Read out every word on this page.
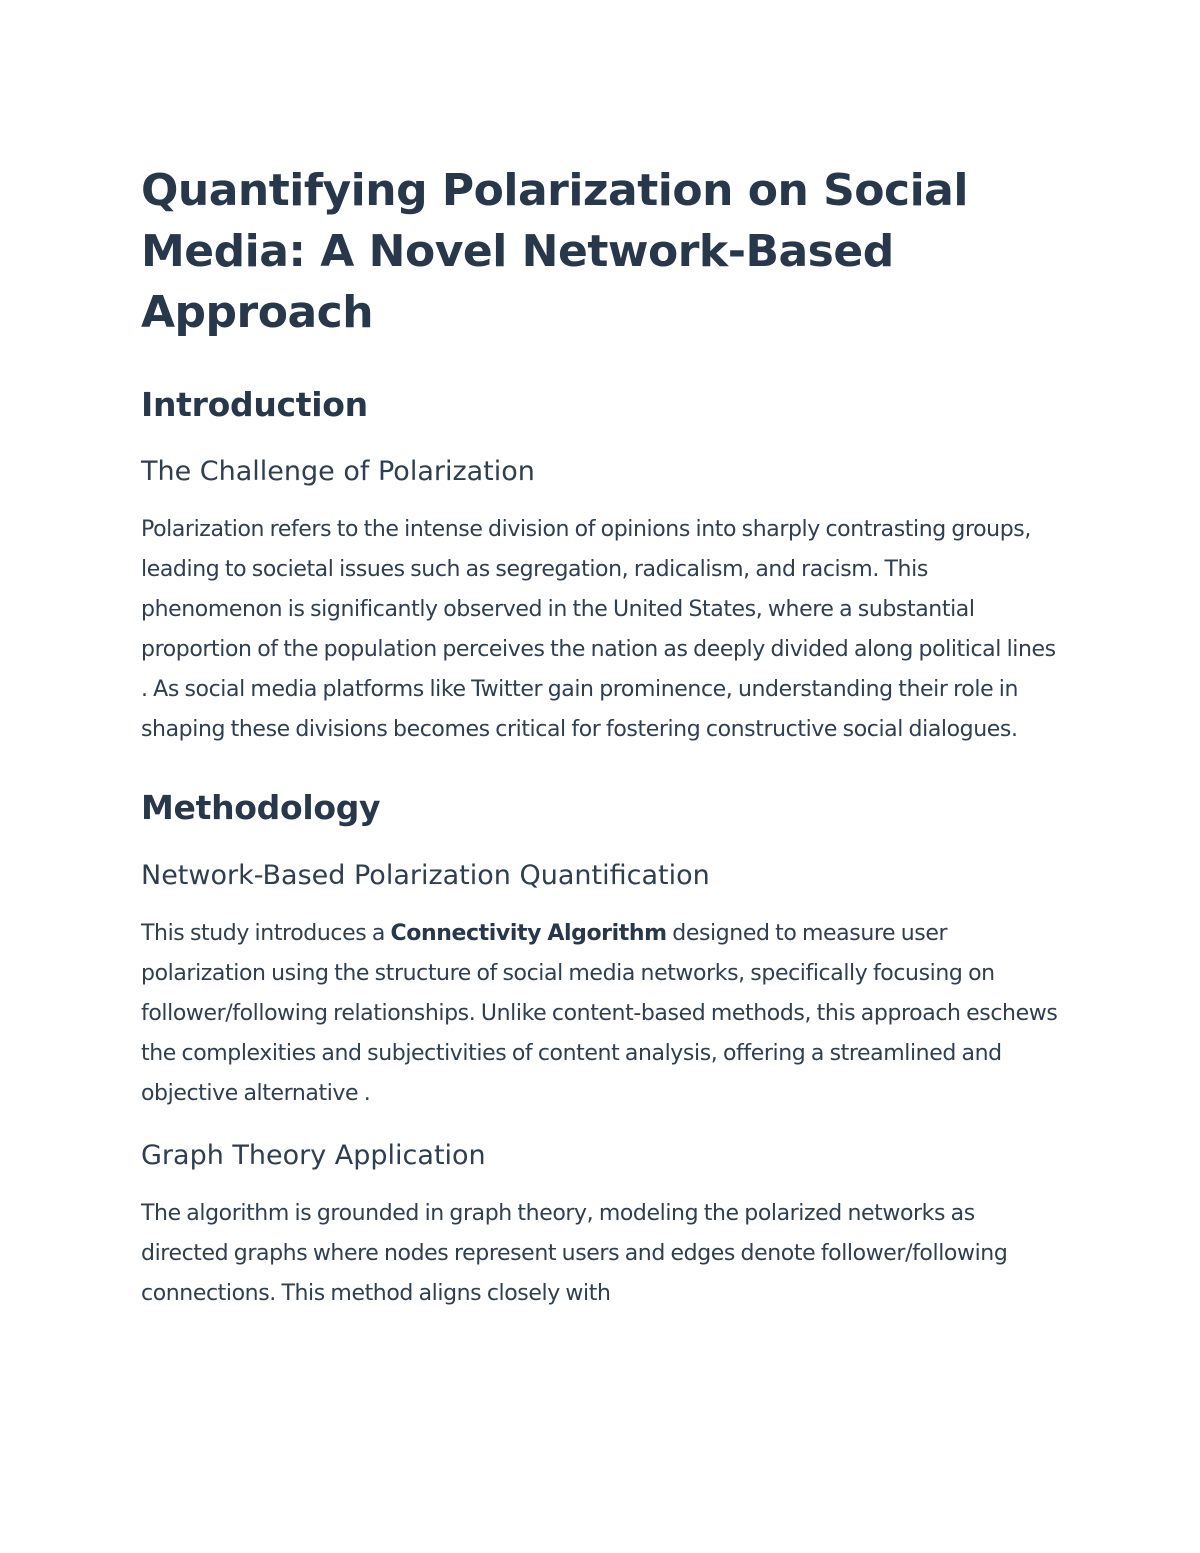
Quantifying Polarization on Social Media: A Novel Network-Based Approach
Introduction
The Challenge of Polarization

Polarization refers to the intense division of opinions into sharply contrasting groups, leading to societal issues such as segregation, radicalism, and racism. This phenomenon is significantly observed in the United States, where a substantial proportion of the population perceives the nation as deeply divided along political lines . As social media platforms like Twitter gain prominence, understanding their role in shaping these divisions becomes critical for fostering constructive social dialogues.

Methodology
Network-Based Polarization Quantification

This study introduces a Connectivity Algorithm designed to measure user polarization using the structure of social media networks, specifically focusing on follower/following relationships. Unlike content-based methods, this approach eschews the complexities and subjectivities of content analysis, offering a streamlined and objective alternative .

Graph Theory Application

The algorithm is grounded in graph theory, modeling the polarized networks as directed graphs where nodes represent users and edges denote follower/following connections. This method aligns closely with
